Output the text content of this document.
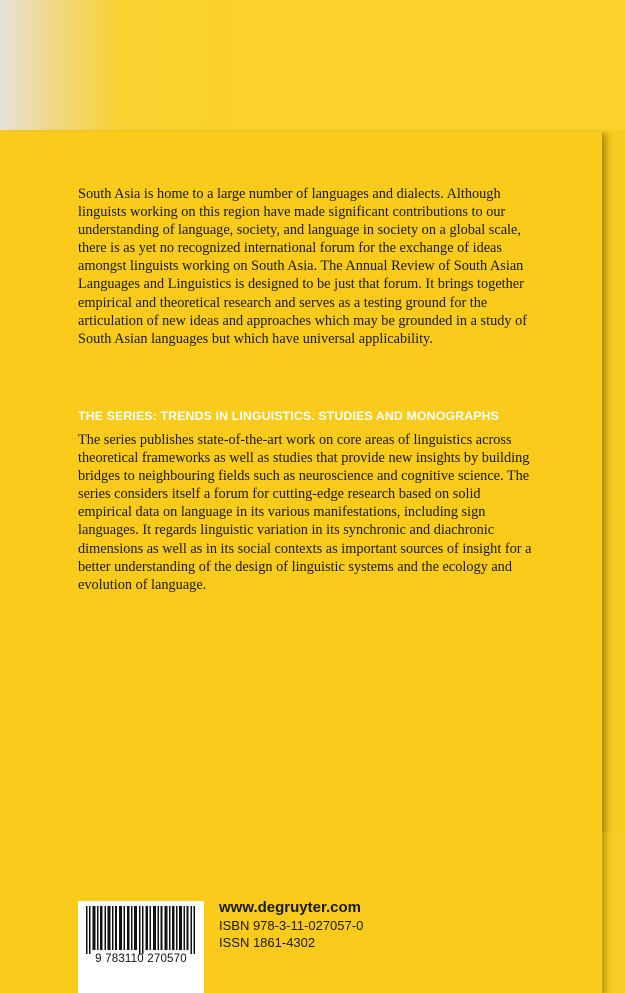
South Asia is home to a large number of languages and dialects. Although linguists working on this region have made significant contributions to our understanding of language, society, and language in society on a global scale, there is as yet no recognized international forum for the exchange of ideas amongst linguists working on South Asia. The Annual Review of South Asian Languages and Linguistics is designed to be just that forum. It brings together empirical and theoretical research and serves as a testing ground for the articulation of new ideas and approaches which may be grounded in a study of South Asian languages but which have universal applicability.

THE SERIES: TRENDS IN LINGUISTICS. STUDIES AND MONOGRAPHS

The series publishes state-of-the-art work on core areas of linguistics across theoretical frameworks as well as studies that provide new insights by building bridges to neighbouring fields such as neuroscience and cognitive science. The series considers itself a forum for cutting-edge research based on solid empirical data on language in its various manifestations, including sign languages. It regards linguistic variation in its synchronic and diachronic dimensions as well as in its social contexts as important sources of insight for a better understanding of the design of linguistic systems and the ecology and evolution of language.

9 783110 270570

www.degruyter.com

ISBN 978-3-11-027057-0

ISSN 1861-4302
